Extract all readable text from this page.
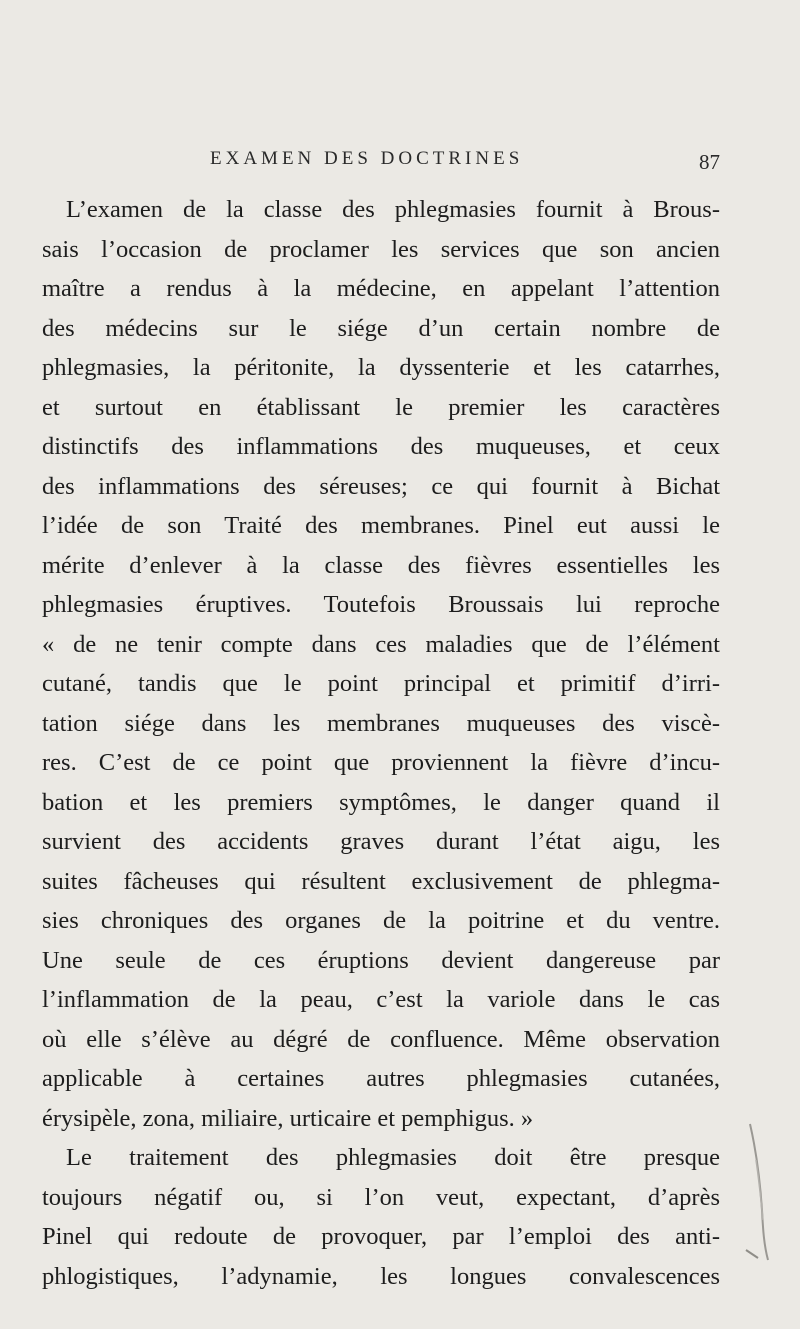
EXAMEN DES DOCTRINES	87
L’examen de la classe des phlegmasies fournit à Brous-
sais l’occasion de proclamer les services que son ancien
maître a rendus à la médecine, en appelant l’attention
des médecins sur le siége d’un certain nombre de
phlegmasies, la péritonite, la dyssenterie et les catarrhes,
et surtout en établissant le premier les caractères
distinctifs des inflammations des muqueuses, et ceux
des inflammations des séreuses; ce qui fournit à Bichat
l’idée de son Traité des membranes. Pinel eut aussi le
mérite d’enlever à la classe des fièvres essentielles les
phlegmasies éruptives. Toutefois Broussais lui reproche
« de ne tenir compte dans ces maladies que de l’élément
cutané, tandis que le point principal et primitif d’irri-
tation siége dans les membranes muqueuses des viscè-
res. C’est de ce point que proviennent la fièvre d’incu-
bation et les premiers symptômes, le danger quand il
survient des accidents graves durant l’état aigu, les
suites fâcheuses qui résultent exclusivement de phlegma-
sies chroniques des organes de la poitrine et du ventre.
Une seule de ces éruptions devient dangereuse par
l’inflammation de la peau, c’est la variole dans le cas
où elle s’élève au dégré de confluence. Même observation
applicable à certaines autres phlegmasies cutanées,
érysipèle, zona, miliaire, urticaire et pemphigus. »
Le traitement des phlegmasies doit être presque
toujours négatif ou, si l’on veut, expectant, d’après
Pinel qui redoute de provoquer, par l’emploi des anti-
phlogistiques, l’adynamie, les longues convalescences
